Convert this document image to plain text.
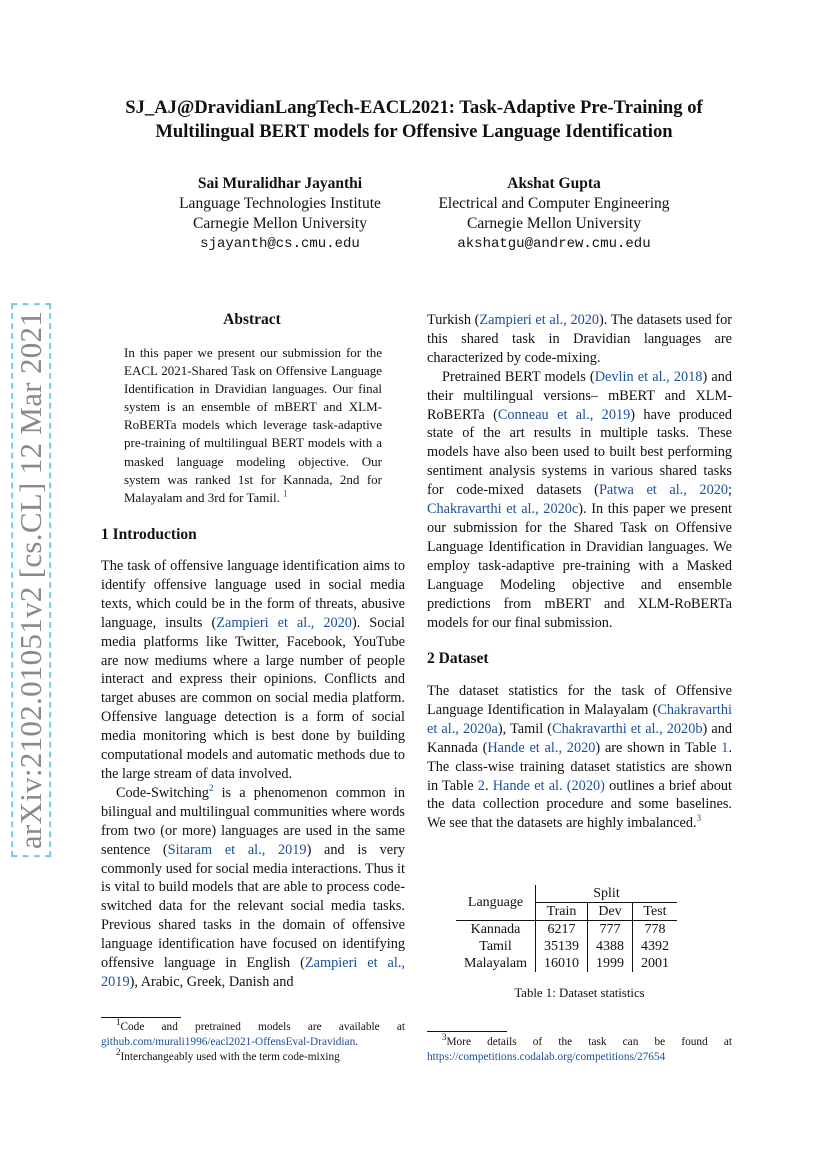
arXiv:2102.01051v2 [cs.CL] 12 Mar 2021
SJ_AJ@DravidianLangTech-EACL2021: Task-Adaptive Pre-Training of
Multilingual BERT models for Offensive Language Identification
Sai Muralidhar Jayanthi
Language Technologies Institute
Carnegie Mellon University
sjayanth@cs.cmu.edu
Akshat Gupta
Electrical and Computer Engineering
Carnegie Mellon University
akshatgu@andrew.cmu.edu
Abstract

In this paper we present our submission for the EACL 2021-Shared Task on Offensive Language Identification in Dravidian languages. Our final system is an ensemble of mBERT and XLM-RoBERTa models which leverage task-adaptive pre-training of multilingual BERT models with a masked language modeling objective. Our system was ranked 1st for Kannada, 2nd for Malayalam and 3rd for Tamil. $^1$

1 Introduction

The task of offensive language identification aims to identify offensive language used in social media texts, which could be in the form of threats, abusive language, insults (Zampieri et al., 2020). Social media platforms like Twitter, Facebook, YouTube are now mediums where a large number of people interact and express their opinions. Conflicts and target abuses are common on social media platform. Offensive language detection is a form of social media monitoring which is best done by building computational models and automatic methods due to the large stream of data involved.

Code-Switching$^2$ is a phenomenon common in bilingual and multilingual communities where words from two (or more) languages are used in the same sentence (Sitaram et al., 2019) and is very commonly used for social media interactions. Thus it is vital to build models that are able to process code-switched data for the relevant social media tasks. Previous shared tasks in the domain of offensive language identification have focused on identifying offensive language in English (Zampieri et al., 2019), Arabic, Greek, Danish and

Turkish (Zampieri et al., 2020). The datasets used for this shared task in Dravidian languages are characterized by code-mixing.

Pretrained BERT models (Devlin et al., 2018) and their multilingual versions– mBERT and XLM-RoBERTa (Conneau et al., 2019) have produced state of the art results in multiple tasks. These models have also been used to built best performing sentiment analysis systems in various shared tasks for code-mixed datasets (Patwa et al., 2020; Chakravarthi et al., 2020c). In this paper we present our submission for the Shared Task on Offensive Language Identification in Dravidian languages. We employ task-adaptive pre-training with a Masked Language Modeling objective and ensemble predictions from mBERT and XLM-RoBERTa models for our final submission.

2 Dataset

The dataset statistics for the task of Offensive Language Identification in Malayalam (Chakravarthi et al., 2020a), Tamil (Chakravarthi et al., 2020b) and Kannada (Hande et al., 2020) are shown in Table 1. The class-wise training dataset statistics are shown in Table 2. Hande et al. (2020) outlines a brief about the data collection procedure and some baselines. We see that the datasets are highly imbalanced.$^3$

Language	Split		
	Train	Dev	Test
Kannada	6217	777	778
Tamil	35139	4388	4392
Malayalam	16010	1999	2001
Table 1: Dataset statistics

$^1$Code and pretrained models are available at

github.com/murali1996/eacl2021-OffensEval-Dravidian.

$^2$Interchangeably used with the term code-mixing

$^3$More details of the task can be found at

https://competitions.codalab.org/competitions/27654
